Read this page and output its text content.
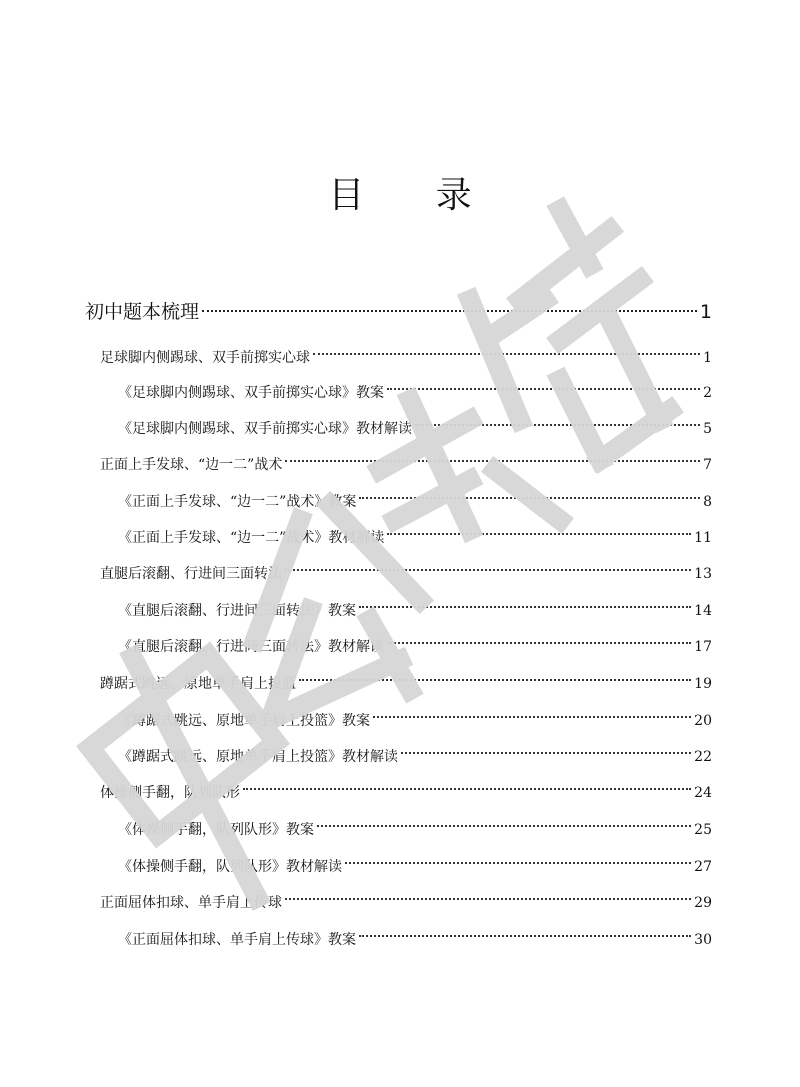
目 录
初中题本梳理	1
足球脚内侧踢球、双手前掷实心球	1
《足球脚内侧踢球、双手前掷实心球》教案	2
《足球脚内侧踢球、双手前掷实心球》教材解读	5
正面上手发球、“边一二”战术	7
《正面上手发球、“边一二”战术》教案	8
《正面上手发球、“边一二”战术》教材解读	11
直腿后滚翻、行进间三面转法	13
《直腿后滚翻、行进间三面转法》教案	14
《直腿后滚翻、行进间三面转法》教材解读	17
蹲踞式跳远、原地单手肩上投篮	19
《蹲踞式跳远、原地单手肩上投篮》教案	20
《蹲踞式跳远、原地单手肩上投篮》教材解读	22
体操侧手翻，队列队形	24
《体操侧手翻，队列队形》教案	25
《体操侧手翻，队列队形》教材解读	27
正面屈体扣球、单手肩上传球	29
《正面屈体扣球、单手肩上传球》教案	30
